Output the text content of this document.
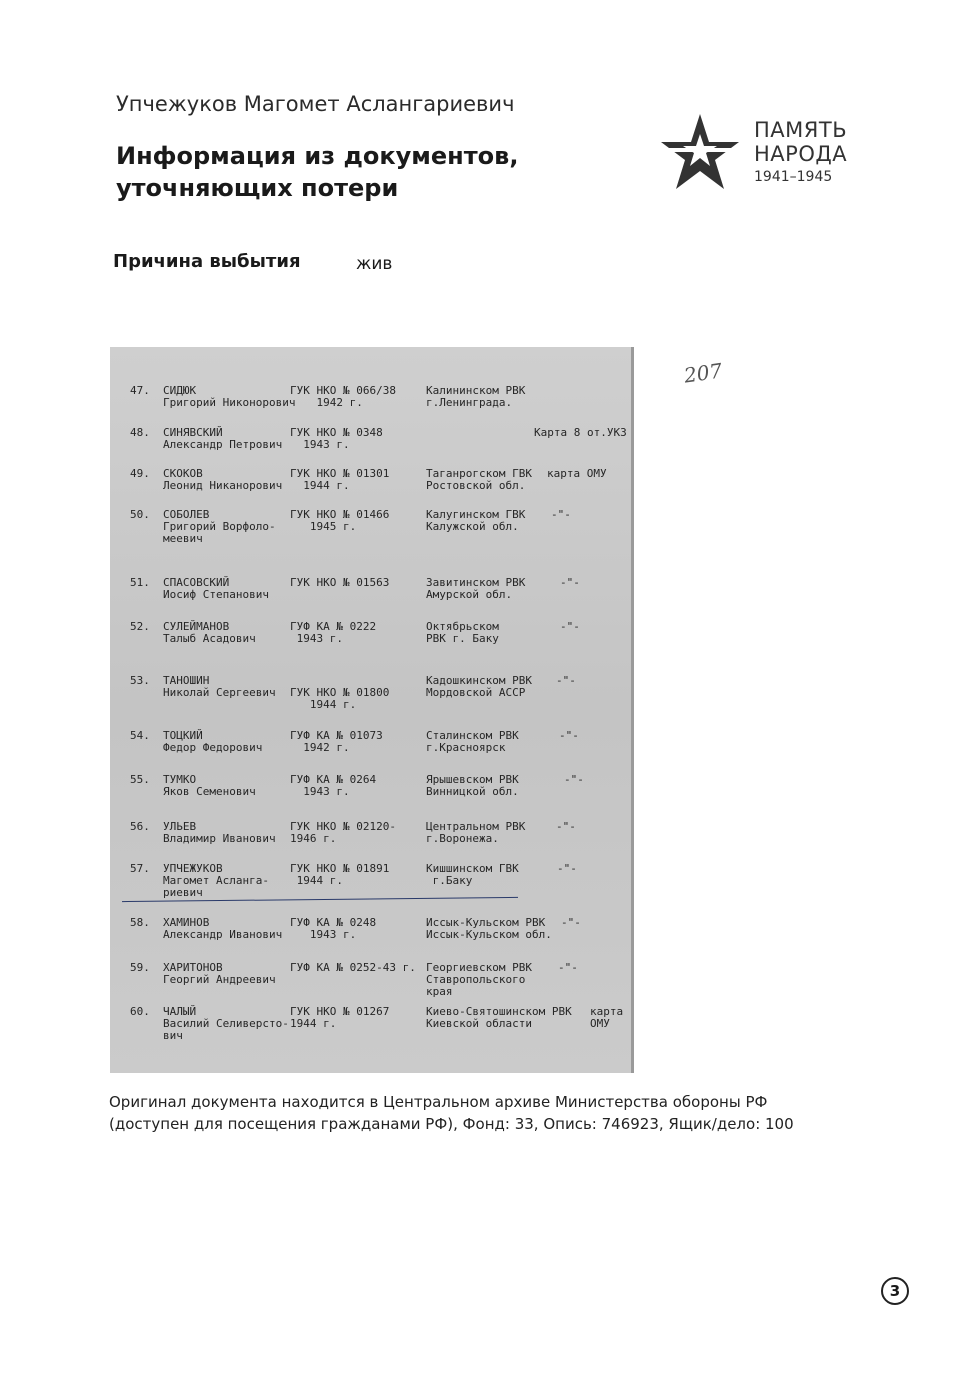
Упчежуков Магомет Аслангариевич
Информация из документов,
уточняющих потери
ПАМЯТЬ
НАРОДА
1941–1945
Причина выбытия	жив
207
47. СИДЮК
Григорий Никонорович
ГУК НКО № 066/38
1942 г.
Калининском РВК
г.Ленинграда.
48. СИНЯВСКИЙ
Александр Петрович
ГУК НКО № 0348
1943 г.
Карта 8 от.УКЗ
49. СКОКОВ
Леонид Никанорович
ГУК НКО № 01301
1944 г.
Таганрогском ГВК
Ростовской обл.
карта ОМУ
50. СОБОЛЕВ
Григорий Ворфоло-
меевич
ГУК НКО № 01466
1945 г.
Калугинском ГВК
Калужской обл.
-"-
51. СПАСОВСКИЙ
Иосиф Степанович
ГУК НКО № 01563	Завитинском РВК
Амурской обл.
-"-
52. СУЛЕЙМАНОВ
Талыб Асадович
ГУФ КА № 0222
1943 г.
Октябрьском
РВК г. Баку
-"-
53. ТАНОШИН
Николай Сергеевич
ГУК НКО № 01800
1944 г.
Кадошкинском РВК
Мордовской АССР
-"-
54. ТОЦКИЙ
Федор Федорович
ГУФ КА № 01073
1942 г.
Сталинском РВК
г.Красноярск
-"-
55. ТУМКО
Яков Семенович
ГУФ КА № 0264
1943 г.
Ярышевском РВК
Винницкой обл.
-"-
56. УЛЬЕВ
Владимир Иванович
ГУК НКО № 02120-
1946 г.
Центральном РВК
г.Воронежа.
-"-
57. УПЧЕЖУКОВ
Магомет Асланга-
риевич
ГУК НКО № 01891
1944 г.
Кишшинском ГВК
г.Баку
-"-
58. ХАМИНОВ
Александр Иванович
ГУФ КА № 0248
1943 г.
Иссык-Кульском РВК
Иссык-Кульском обл.
-"-
59. ХАРИТОНОВ
Георгий Андреевич
ГУФ КА № 0252-43 г. Георгиевском РВК
Ставропольского
края
-"-
60. ЧАЛЫЙ
Василий Селиверсто-
вич
ГУК НКО № 01267
1944 г.
Киево-Святошинском РВК
Киевской области
карта
ОМУ
Оригинал документа находится в Центральном архиве Министерства обороны РФ (доступен для посещения гражданами РФ), Фонд: 33, Опись: 746923, Ящик/дело: 100
3
